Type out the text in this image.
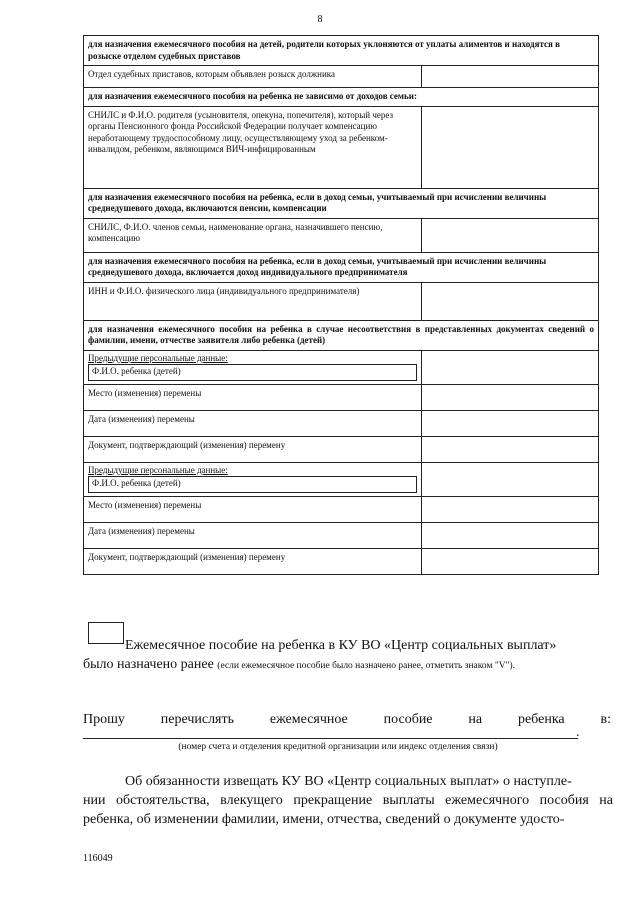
8
для назначения ежемесячного пособия на детей, родители которых уклоняются от уплаты алиментов и находятся в розыске отделом судебных приставов	
Отдел судебных приставов, которым объявлен розыск должника	
для назначения ежемесячного пособия на ребенка не зависимо от доходов семьи:	
СНИЛС и Ф.И.О. родителя (усыновителя, опекуна, попечителя), который через органы Пенсионного фонда Российской Федерации получает компенсацию неработающему трудоспособному лицу, осуществляющему уход за ребенком-инвалидом, ребенком, являющимся ВИЧ-инфицированным	
для назначения ежемесячного пособия на ребенка, если в доход семьи, учитываемый при исчислении величины среднедушевого дохода, включаются пенсии, компенсации	
СНИЛС, Ф.И.О. членов семьи, наименование органа, назначившего пенсию, компенсацию	
для назначения ежемесячного пособия на ребенка, если в доход семьи, учитываемый при исчислении величины среднедушевого дохода, включается доход индивидуального предпринимателя	
ИНН и Ф.И.О. физического лица (индивидуального предпринимателя)	
для назначения ежемесячного пособия на ребенка в случае несоответствия в представленных документах сведений о фамилии, имени, отчестве заявителя либо ребенка (детей)	

Предыдущие персональные данные:
Ф.И.О. ребенка (детей)	

Место (изменения) перемены	
Дата (изменения) перемены	
Документ, подтверждающий (изменения) перемену	

Предыдущие персональные данные:
Ф.И.О. ребенка (детей)	

Место (изменения) перемены	
Дата (изменения) перемены	
Документ, подтверждающий (изменения) перемену	
Ежемесячное пособие на ребенка в КУ ВО «Центр социальных выплат»
было назначено ранее (если ежемесячное пособие было назначено ранее, отметить знаком "V").
Прошу	перечислять	ежемесячное	пособие	на	ребенка	в:
.
(номер счета и отделения кредитной организации или индекс отделения связи)
Об обязанности извещать КУ ВО «Центр социальных выплат» о наступле-
нии обстоятельства, влекущего прекращение выплаты ежемесячного пособия на ребенка, об изменении фамилии, имени, отчества, сведений о документе удосто-
116049
